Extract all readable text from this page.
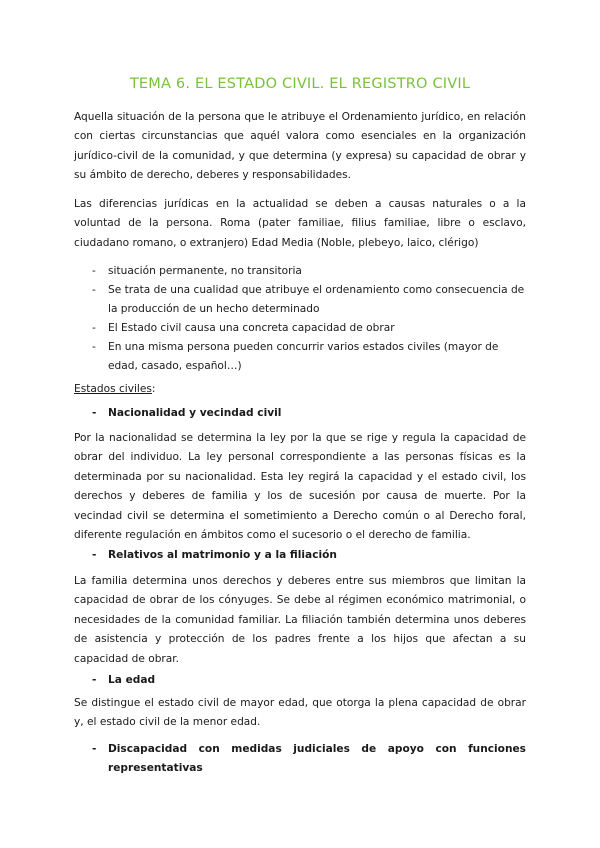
TEMA 6. EL ESTADO CIVIL. EL REGISTRO CIVIL

Aquella situación de la persona que le atribuye el Ordenamiento jurídico, en relación con ciertas circunstancias que aquél valora como esenciales en la organización jurídico-civil de la comunidad, y que determina (y expresa) su capacidad de obrar y su ámbito de derecho, deberes y responsabilidades.

Las diferencias jurídicas en la actualidad se deben a causas naturales o a la voluntad de la persona. Roma (pater familiae, filius familiae, libre o esclavo, ciudadano romano, o extranjero) Edad Media (Noble, plebeyo, laico, clérigo)

- situación permanente, no transitoria
- Se trata de una cualidad que atribuye el ordenamiento como consecuencia de la producción de un hecho determinado
- El Estado civil causa una concreta capacidad de obrar
- En una misma persona pueden concurrir varios estados civiles (mayor de edad, casado, español…)

Estados civiles:

- Nacionalidad y vecindad civil

Por la nacionalidad se determina la ley por la que se rige y regula la capacidad de obrar del individuo. La ley personal correspondiente a las personas físicas es la determinada por su nacionalidad. Esta ley regirá la capacidad y el estado civil, los derechos y deberes de familia y los de sucesión por causa de muerte. Por la vecindad civil se determina el sometimiento a Derecho común o al Derecho foral, diferente regulación en ámbitos como el sucesorio o el derecho de familia.

- Relativos al matrimonio y a la filiación

La familia determina unos derechos y deberes entre sus miembros que limitan la capacidad de obrar de los cónyuges. Se debe al régimen económico matrimonial, o necesidades de la comunidad familiar. La filiación también determina unos deberes de asistencia y protección de los padres frente a los hijos que afectan a su capacidad de obrar.

- La edad

Se distingue el estado civil de mayor edad, que otorga la plena capacidad de obrar y, el estado civil de la menor edad.

- Discapacidad con medidas judiciales de apoyo con funciones representativas
